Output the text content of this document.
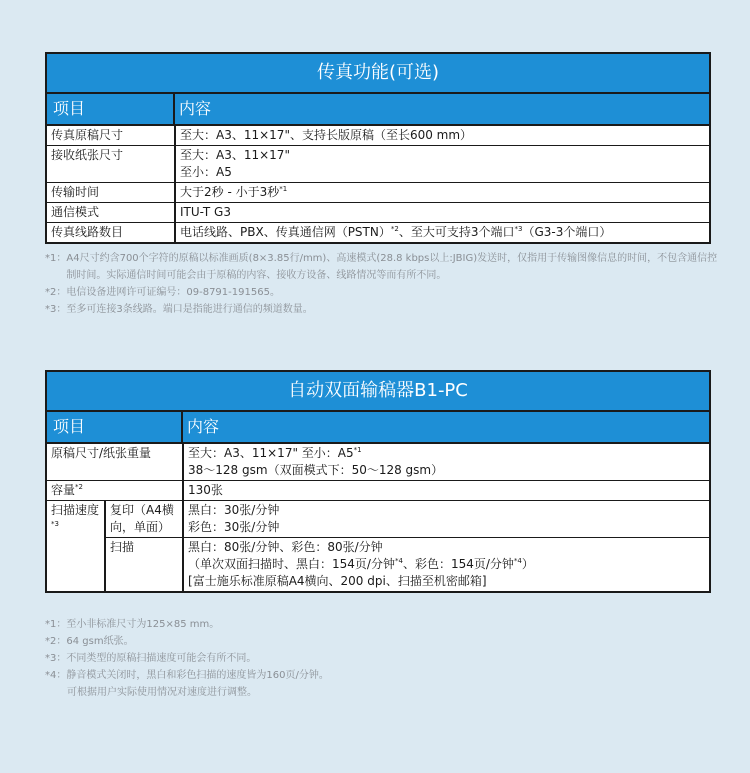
传真功能(可选)
项目	内容
传真原稿尺寸	至大：A3、11×17"、支持长版原稿（至长600 mm）
接收纸张尺寸	至大：A3、11×17"
至小：A5

传输时间	大于2秒 - 小于3秒$^{*1}$
通信模式	ITU-T G3
传真线路数目	电话线路、PBX、传真通信网（PSTN）$^{*2}$、至大可支持3个端口$^{*3}$（G3-3个端口）
*1： A4尺寸约含700个字符的原稿以标准画质(8×3.85行/mm)、高速模式(28.8 kbps以上:JBIG)发送时，仅指用于传输图像信息的时间，不包含通信控制时间。实际通信时间可能会由于原稿的内容、接收方设备、线路情况等而有所不同。
*2： 电信设备进网许可证编号：09-8791-191565。
*3： 至多可连接3条线路。端口是指能进行通信的频道数量。
自动双面输稿器B1-PC
项目	内容
原稿尺寸/纸张重量		至大：A3、11×17" 至小：A5$^{*1}$
38～128 gsm（双面模式下：50～128 gsm）

容量$^{*2}$		130张
扫描速度$^{*3}$	复印（A4横向，单面）	黑白：30张/分钟
彩色：30张/分钟

	扫描	黑白：80张/分钟、彩色：80张/分钟
（单次双面扫描时、黑白：154页/分钟$^{*4}$、彩色：154页/分钟$^{*4}$）
[富士施乐标准原稿A4横向、200 dpi、扫描至机密邮箱]
*1： 至小非标准尺寸为125×85 mm。
*2： 64 gsm纸张。
*3： 不同类型的原稿扫描速度可能会有所不同。
*4： 静音模式关闭时，黑白和彩色扫描的速度皆为160页/分钟。
可根据用户实际使用情况对速度进行调整。
